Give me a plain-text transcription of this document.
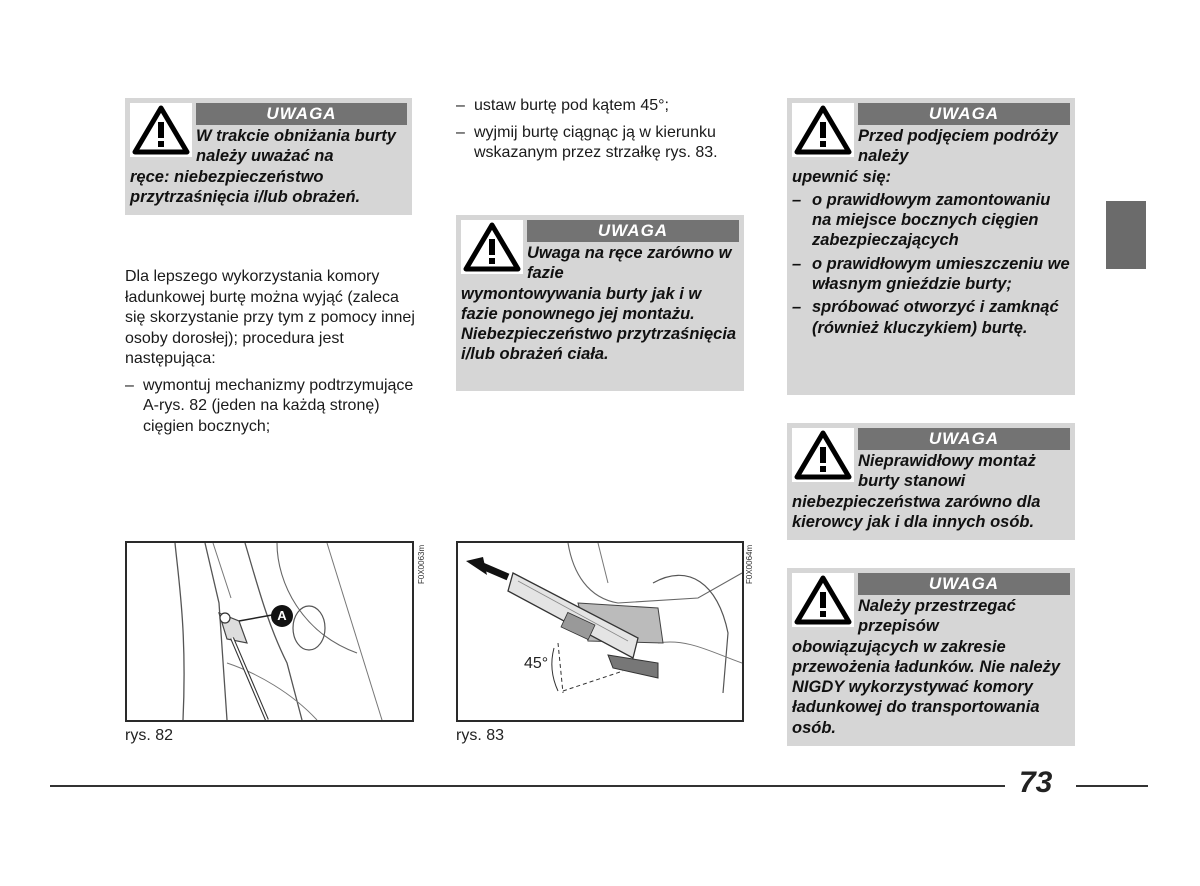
UWAGA
W trakcie obniżania burty należy uważać na
ręce: niebezpieczeństwo przytrzaśnięcia i/lub obrażeń.
UWAGA
Uwaga na ręce zarówno w fazie
wymontowywania burty jak i w fazie ponownego jej montażu. Niebezpieczeństwo przytrzaśnięcia i/lub obrażeń ciała.
UWAGA
Przed podjęciem podróży należy
upewnić się:
– o prawidłowym zamontowaniu na miejsce bocznych cięgien zabezpieczających
– o prawidłowym umieszczeniu we własnym gnieździe burty;
– spróbować otworzyć i zamknąć (również kluczykiem) burtę.
UWAGA
Nieprawidłowy montaż burty stanowi
niebezpieczeństwa zarówno dla kierowcy jak i dla innych osób.
UWAGA
Należy przestrzegać przepisów
obowiązujących w zakresie przewożenia ładunków. Nie należy NIGDY wykorzystywać komory ładunkowej do transportowania osób.
Dla lepszego wykorzystania komory ładunkowej burtę można wyjąć (zaleca się skorzystanie przy tym z pomocy innej osoby dorosłej); procedura jest następująca:
– wymontuj mechanizmy podtrzymujące A-rys. 82 (jeden na każdą stronę) cięgien bocznych;
– ustaw burtę pod kątem 45°;
– wyjmij burtę ciągnąc ją w kierunku wskazanym przez strzałkę rys. 83.
A
F0X0063m
rys. 82
45°
F0X0064m
rys. 83
73
